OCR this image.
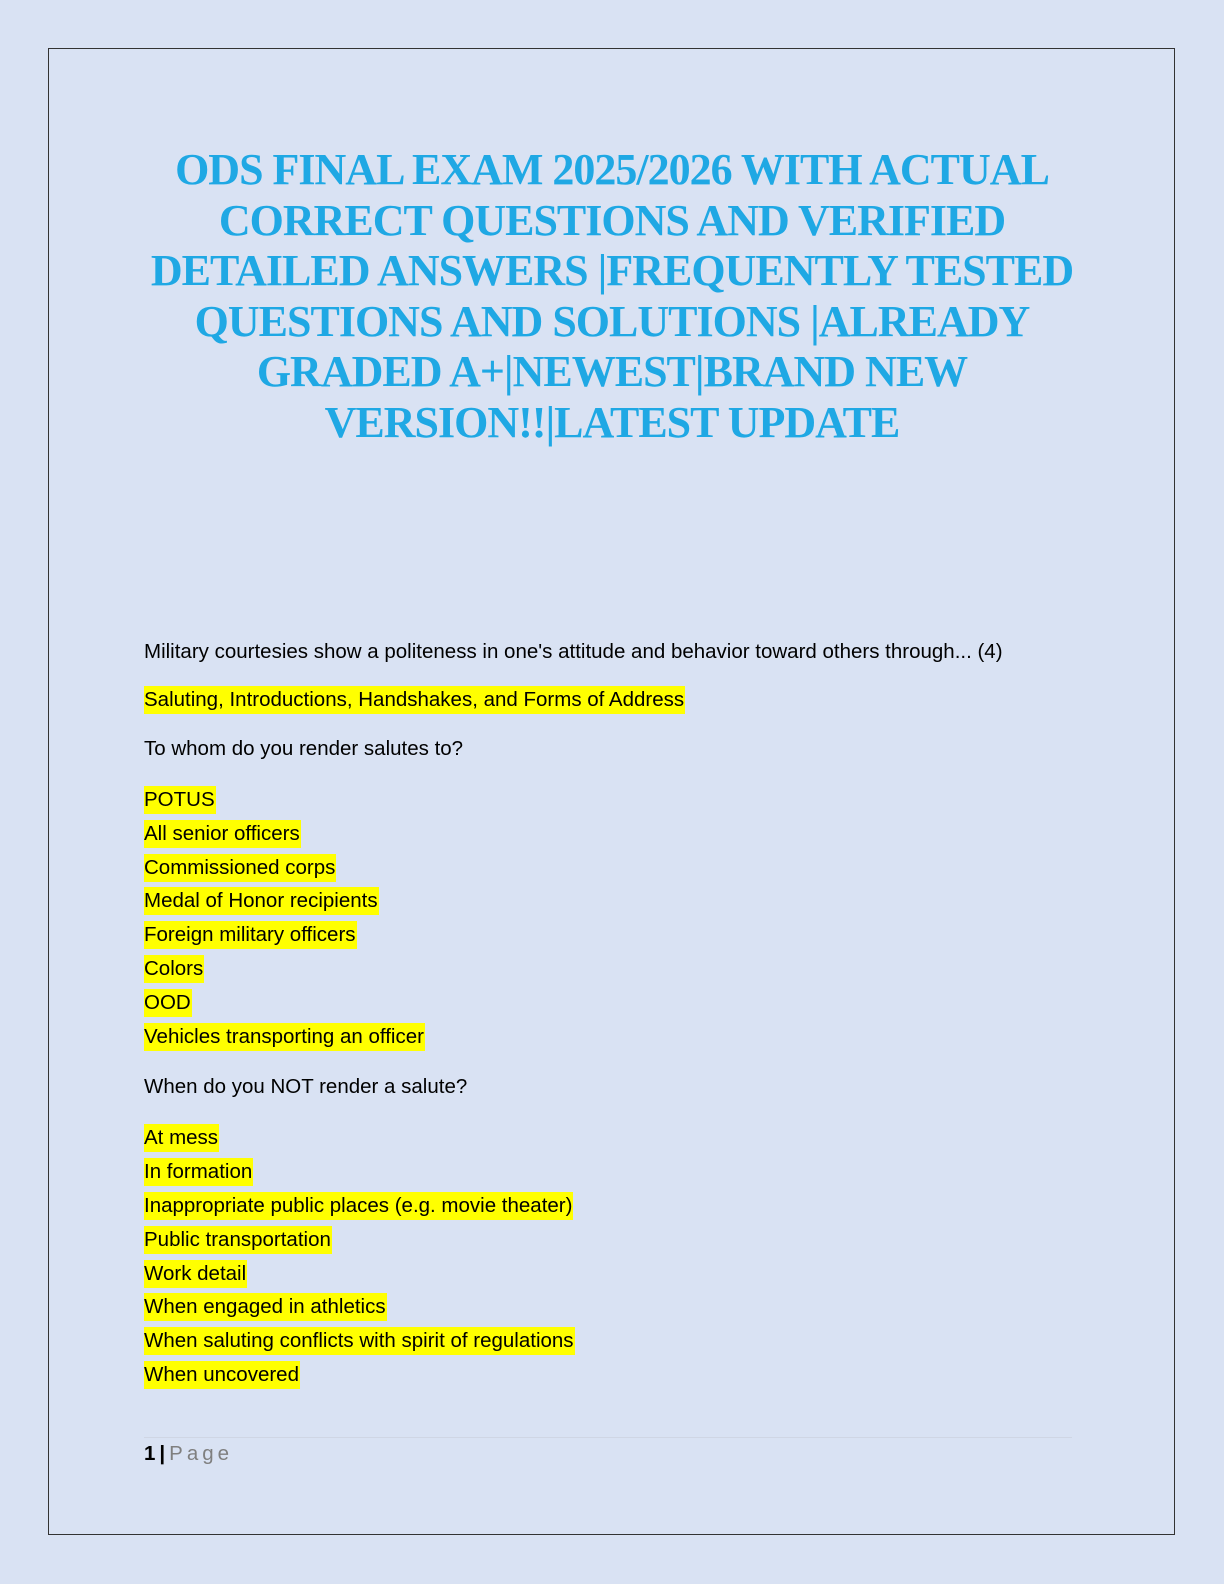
ODS FINAL EXAM 2025/2026 WITH ACTUAL CORRECT QUESTIONS AND VERIFIED DETAILED ANSWERS |FREQUENTLY TESTED QUESTIONS AND SOLUTIONS |ALREADY GRADED A+|NEWEST|BRAND NEW VERSION!!|LATEST UPDATE

Military courtesies show a politeness in one's attitude and behavior toward others through... (4)

Saluting, Introductions, Handshakes, and Forms of Address

To whom do you render salutes to?

POTUS
All senior officers
Commissioned corps
Medal of Honor recipients
Foreign military officers
Colors
OOD
Vehicles transporting an officer

When do you NOT render a salute?

At mess
In formation
Inappropriate public places (e.g. movie theater)
Public transportation
Work detail
When engaged in athletics
When saluting conflicts with spirit of regulations
When uncovered
1 | Page
